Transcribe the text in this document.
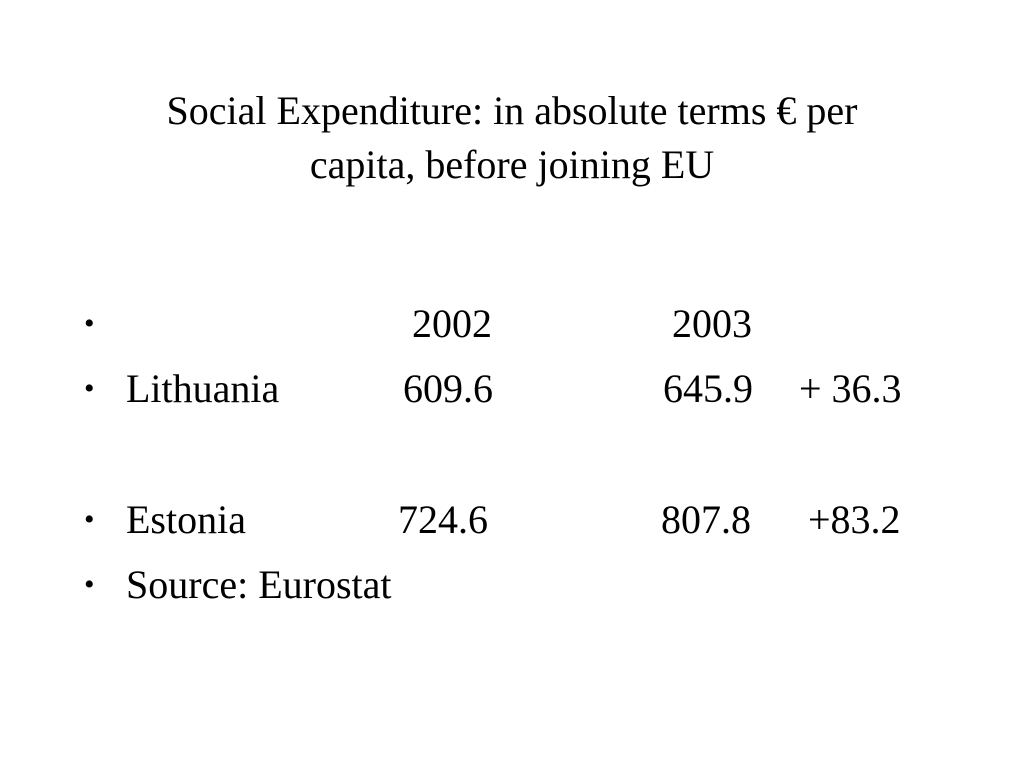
Social Expenditure: in absolute terms € per
capita, before joining EU
•	2002	2003
• Lithuania	609.6	645.9 + 36.3
• Estonia	724.6	807.8 +83.2
• Source: Eurostat
